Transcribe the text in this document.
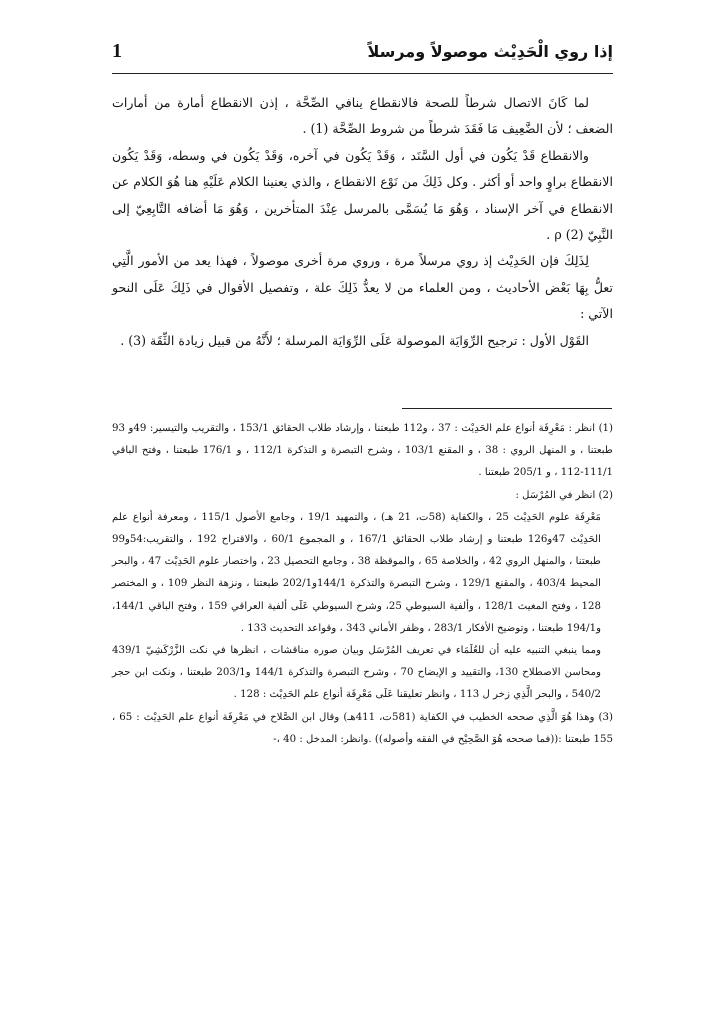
إذا روي الْحَدِيْث موصولاً ومرسلاً
1

لما كَانَ الاتصال شرطاً للصحة فالانقطاع ينافي الصِّحَّة ، إذن الانقطاع أمارة من أمارات الضعف ؛ لأن الضَّعِيف مَا فَقَدَ شرطاً من شروط الصِّحَّة (1) .

والانقطاع قَدْ يَكُون في أول السَّنَد ، وَقَدْ يَكُون في آخره، وَقَدْ يَكُون في وسطه، وَقَدْ يَكُون الانقطاع براوٍ واحد أو أكثر . وكل ذَلِكَ من نَوْع الانقطاع ، والذي يعنينا الكلام عَلَيْهِ هنا هُوَ الكلام عن الانقطاع في آخر الإسناد ، وَهُوَ مَا يُسَمَّى بالمرسل عِنْدَ المتأخرين ، وَهُوَ مَا أضافه التَّابِعِيّ إلى النَّبِيّ ρ (2) .

لِذَلِكَ فإن الحَدِيْث إذ روي مرسلاً مرة ، وروي مرة أخرى موصولاً ، فهذا يعد من الأمور الَّتِي تعلُّ بِهَا بَعْض الأحاديث ، ومن العلماء من لا يعدُّ ذَلِكَ علة ، وتفصيل الأقوال في ذَلِكَ عَلَى النحو الآتي :

القَوْل الأول : ترجيح الرِّوَايَة الموصولة عَلَى الرِّوَايَة المرسلة ؛ لأَنَّهُ من قبيل زيادة الثِّقَة (3) .

(1) انظر : مَعْرِفَة أنواع علم الحَدِيْث : 37 ، و112 طبعتنا ، وإرشاد طلاب الحقائق 153/1 ، والتقريب والتيسير: 49و 93 طبعتنا ، و المنهل الروي : 38 ، و المقنع 103/1 ، وشرح التبصرة و التذكرة 112/1 ، و 176/1 طبعتنا ، وفتح الباقي 111/1-112 ، و 205/1 طبعتنا .

(2) انظر في المُرْسَل :

مَعْرِفَة علوم الحَدِيْث 25 ، والكفاية (58ت، 21 هـ) ، والتمهيد 19/1 ، وجامع الأصول 115/1 ، ومعرفة أنواع علم الحَدِيْث 47و126 طبعتنا و إرشاد طلاب الحقائق 167/1 ، و المجموع 60/1 ، والاقتراح 192 ، والتقريب:54و99 طبعتنا ، والمنهل الروي 42 ، والخلاصة 65 ، والموقظة 38 ، وجامع التحصيل 23 ، واختصار علوم الحَدِيْث 47 ، والبحر المحيط 403/4 ، والمقنع 129/1 ، وشرح التبصرة والتذكرة 144/1و202/1 طبعتنا ، ونزهة النظر 109 ، و المختصر 128 ، وفتح المغيث 128/1 ، وألفية السيوطي 25، وشرح السيوطي عَلَى ألفية العراقي 159 ، وفتح الباقي 144/1، و194/1 طبعتنا ، وتوضيح الأفكار 283/1 ، وظفر الأماني 343 ، وقواعد التحديث 133 .

ومما ينبغي التنبيه عليه أن للعُلَمَاء في تعريف المُرْسَل وبيان صوره مناقشات ، انظرها في نكت الزَّرْكَشِيّ 439/1 ومحاسن الاصطلاح 130، والتقييد و الإيضاح 70 ، وشرح التبصرة والتذكرة 144/1 و203/1 طبعتنا ، ونكت ابن حجر 540/2 ، والبحر الَّذِي زخر ل 113 ، وانظر تعليقنا عَلَى مَعْرِفَة أنواع علم الحَدِيْث : 128 .

(3) وهذا هُوَ الَّذِي صححه الخطيب في الكفاية (581ت، 411هـ) وقال ابن الصَّلاح في مَعْرِفَة أنواع علم الحَدِيْث : 65 ، 155 طبعتنا :((فما صححه هُوَ الصَّحِيْح في الفقه وأصوله)) .وانظر: المدخل : 40 ،-
